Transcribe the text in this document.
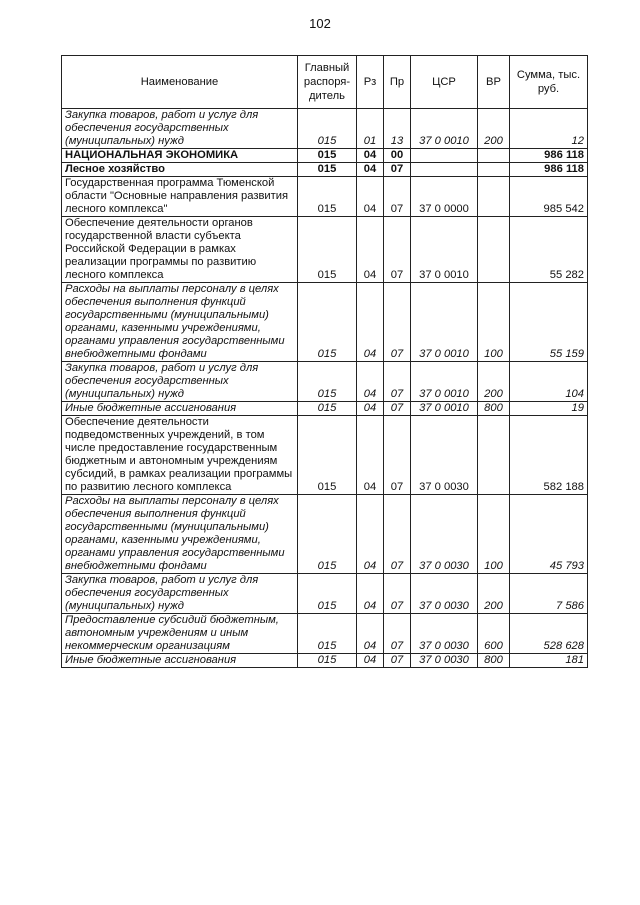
102
Наименование	Главный распоря-дитель	Рз	Пр	ЦСР	ВР	Сумма, тыс. руб.
Закупка товаров, работ и услуг для обеспечения государственных (муниципальных) нужд	015	01	13	37 0 0010	200	12
НАЦИОНАЛЬНАЯ ЭКОНОМИКА	015	04	00			986 118
Лесное хозяйство	015	04	07			986 118
Государственная программа Тюменской области "Основные направления развития лесного комплекса"	015	04	07	37 0 0000		985 542
Обеспечение деятельности органов государственной власти субъекта Российской Федерации в рамках реализации программы по развитию лесного комплекса	015	04	07	37 0 0010		55 282
Расходы на выплаты персоналу в целях обеспечения выполнения функций государственными (муниципальными) органами, казенными учреждениями, органами управления государственными внебюджетными фондами	015	04	07	37 0 0010	100	55 159
Закупка товаров, работ и услуг для обеспечения государственных (муниципальных) нужд	015	04	07	37 0 0010	200	104
Иные бюджетные ассигнования	015	04	07	37 0 0010	800	19
Обеспечение деятельности подведомственных учреждений, в том числе предоставление государственным бюджетным и автономным учреждениям субсидий, в рамках реализации программы по развитию лесного комплекса	015	04	07	37 0 0030		582 188
Расходы на выплаты персоналу в целях обеспечения выполнения функций государственными (муниципальными) органами, казенными учреждениями, органами управления государственными внебюджетными фондами	015	04	07	37 0 0030	100	45 793
Закупка товаров, работ и услуг для обеспечения государственных (муниципальных) нужд	015	04	07	37 0 0030	200	7 586
Предоставление субсидий бюджетным, автономным учреждениям и иным некоммерческим организациям	015	04	07	37 0 0030	600	528 628
Иные бюджетные ассигнования	015	04	07	37 0 0030	800	181
